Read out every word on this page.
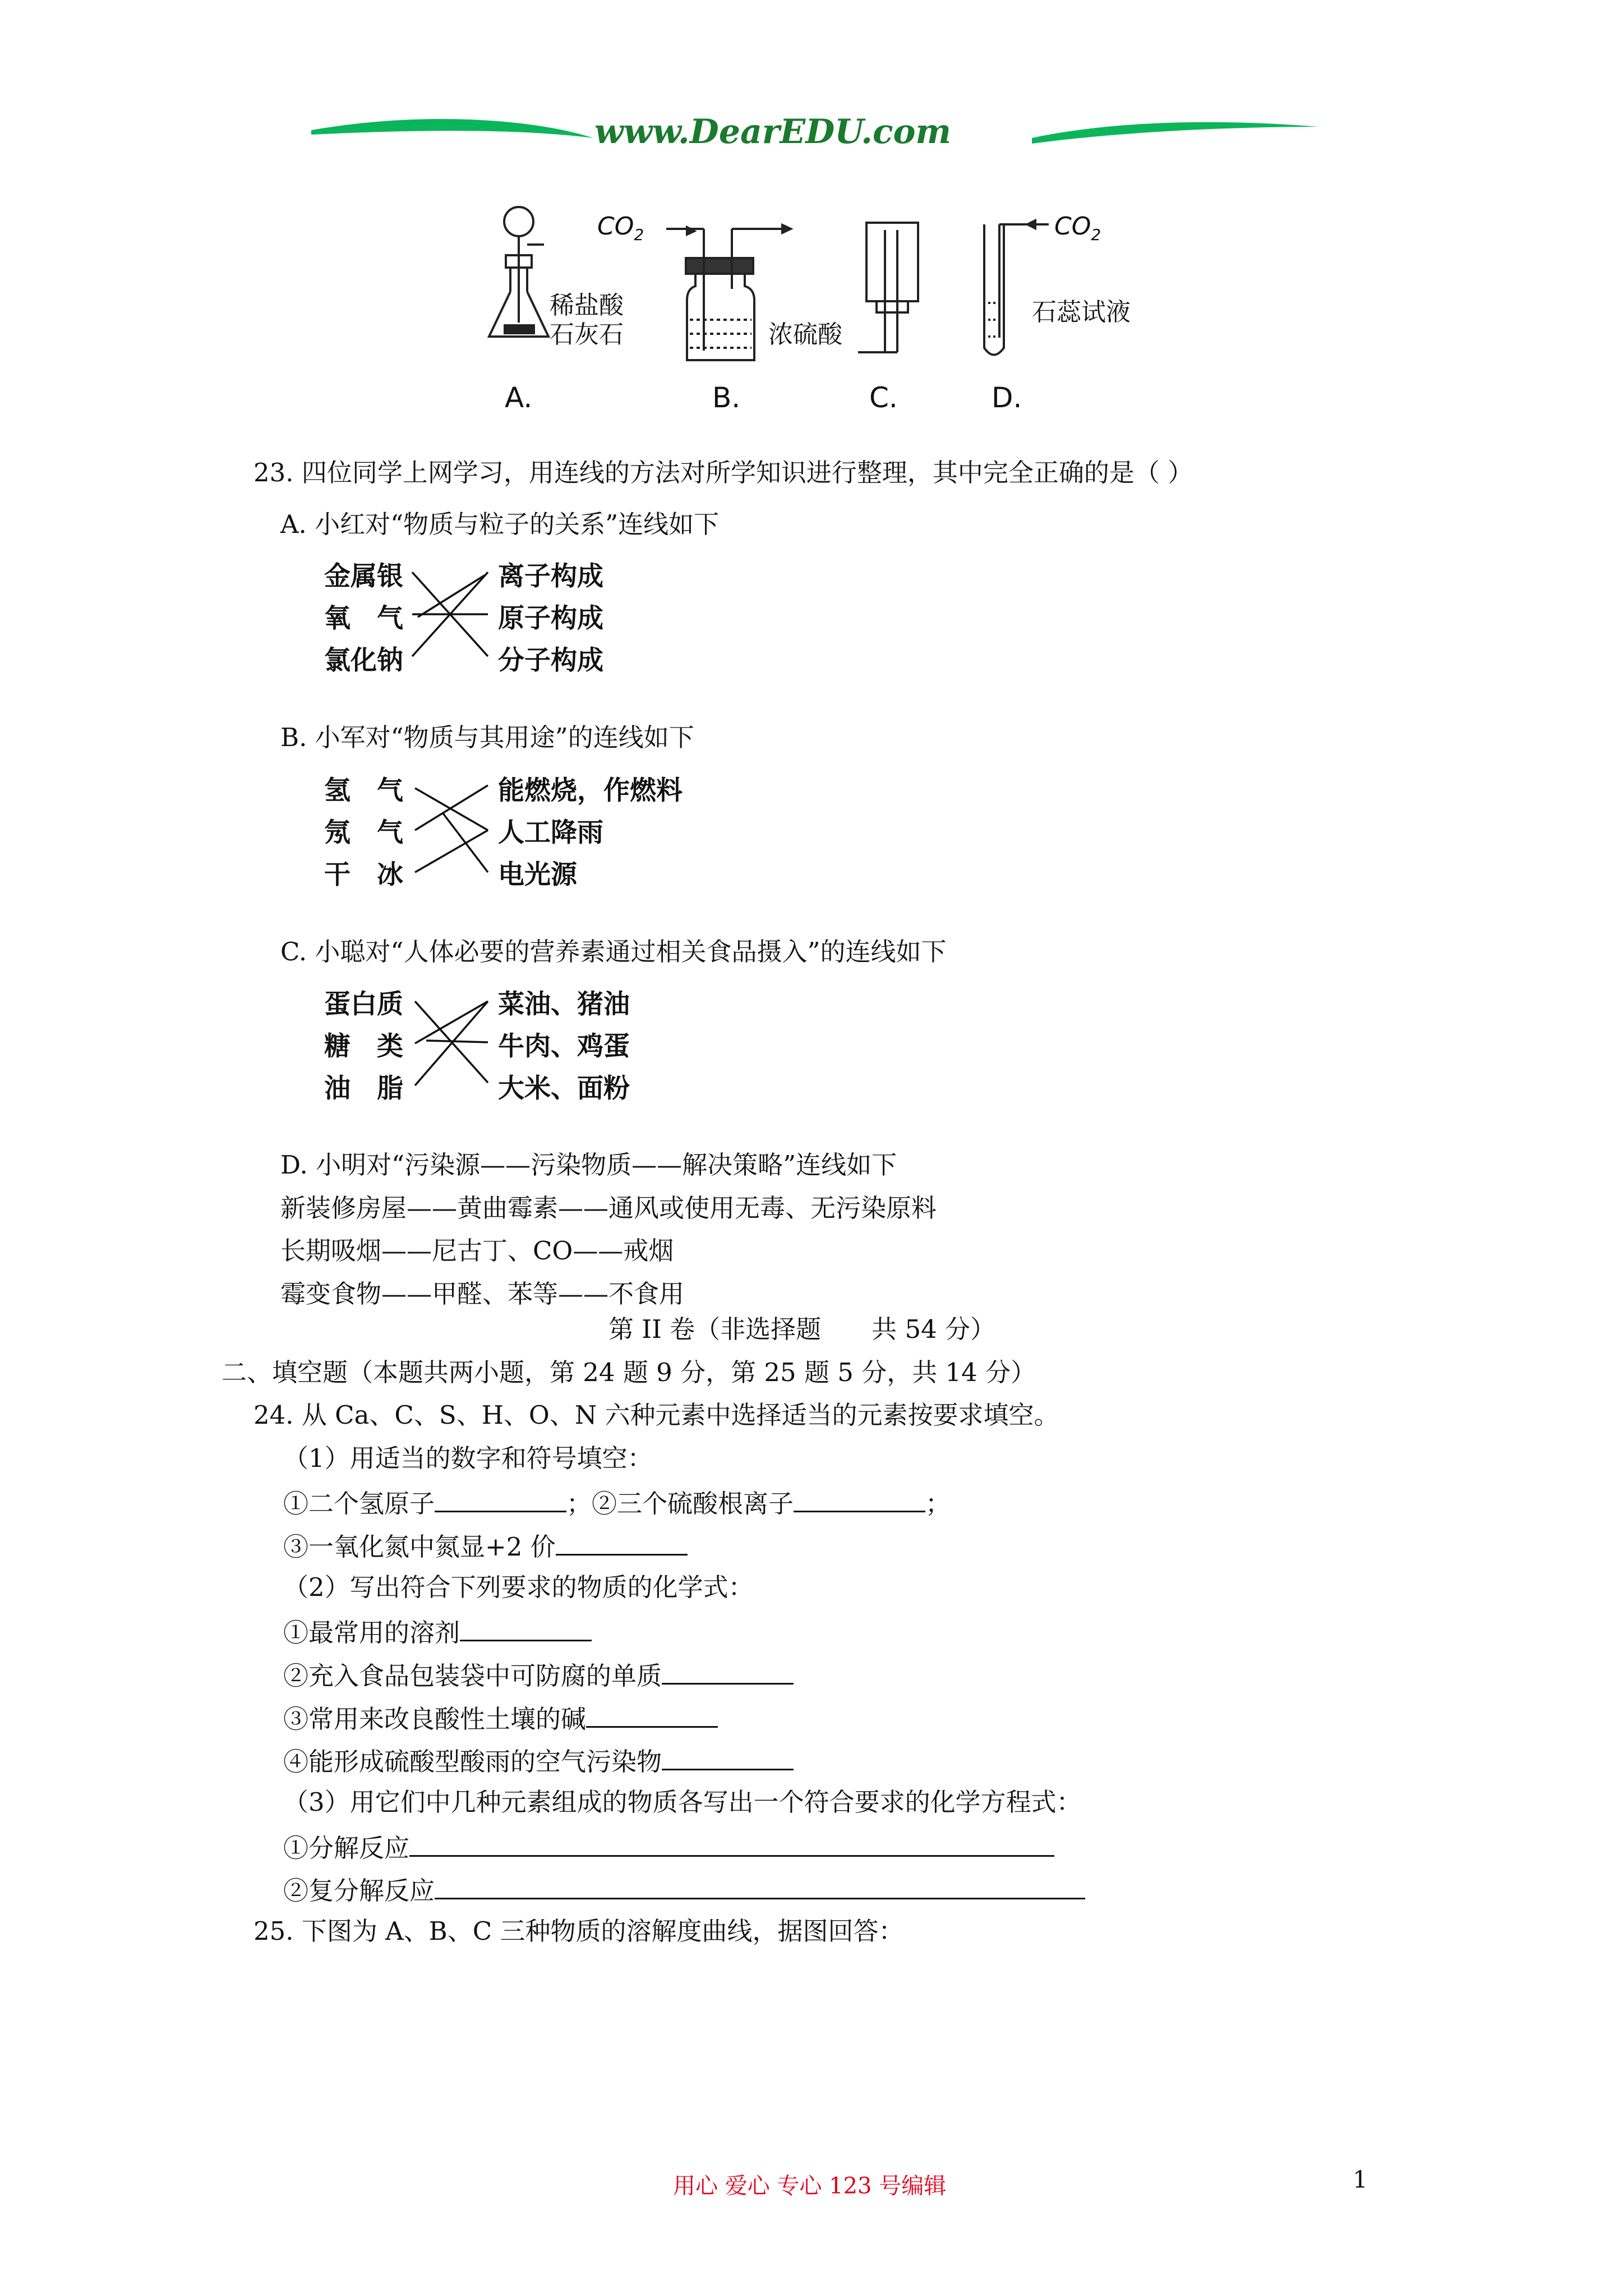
www.DearEDU.com
$CO_2$	$CO_2$
稀盐酸
石灰石	浓硫酸
石蕊试液
A.	B.	C.	D.
23. 四位同学上网学习，用连线的方法对所学知识进行整理，其中完全正确的是（ ）
A. 小红对“物质与粒子的关系”连线如下
金属银
氧　气
氯化钠
离子构成
原子构成
分子构成
B. 小军对“物质与其用途”的连线如下
氢　气
氖　气
干　冰
能燃烧，作燃料
人工降雨
电光源
C. 小聪对“人体必要的营养素通过相关食品摄入”的连线如下
蛋白质
糖　类
油　脂
菜油、猪油
牛肉、鸡蛋
大米、面粉
D. 小明对“污染源——污染物质——解决策略”连线如下
新装修房屋——黄曲霉素——通风或使用无毒、无污染原料
长期吸烟——尼古丁、CO——戒烟
霉变食物——甲醛、苯等——不食用
第 II 卷（非选择题　　共 54 分）
二、填空题（本题共两小题，第 24 题 9 分，第 25 题 5 分，共 14 分）
24. 从 Ca、C、S、H、O、N 六种元素中选择适当的元素按要求填空。
（1）用适当的数字和符号填空：
①二个氢原子	；②三个硫酸根离子	；
③一氧化氮中氮显+2 价
（2）写出符合下列要求的物质的化学式：
①最常用的溶剂
②充入食品包装袋中可防腐的单质
③常用来改良酸性土壤的碱
④能形成硫酸型酸雨的空气污染物
（3）用它们中几种元素组成的物质各写出一个符合要求的化学方程式：
①分解反应
②复分解反应
25. 下图为 A、B、C 三种物质的溶解度曲线，据图回答：
用心 爱心 专心 123 号编辑	1
